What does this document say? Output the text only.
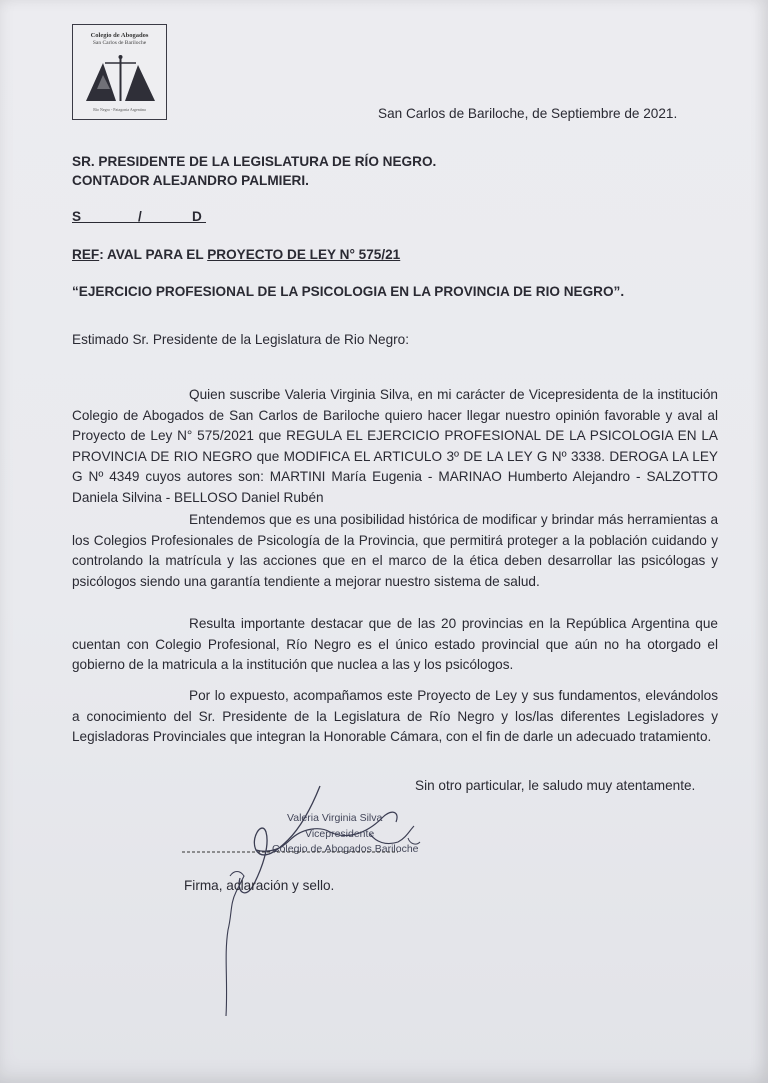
Colegio de Abogados
San Carlos de Bariloche
Río Negro - Patagonia Argentina	San Carlos de Bariloche, de Septiembre de 2021.
SR. PRESIDENTE DE LA LEGISLATURA DE RÍO NEGRO.
CONTADOR ALEJANDRO PALMIERI.
S	/	D
REF: AVAL PARA EL PROYECTO DE LEY N° 575/21
“EJERCICIO PROFESIONAL DE LA PSICOLOGIA EN LA PROVINCIA DE RIO NEGRO”.
Estimado Sr. Presidente de la Legislatura de Rio Negro:
Quien suscribe Valeria Virginia Silva, en mi carácter de Vicepresidenta de la institución Colegio de Abogados de San Carlos de Bariloche quiero hacer llegar nuestro opinión favorable y aval al Proyecto de Ley N° 575/2021 que REGULA EL EJERCICIO PROFESIONAL DE LA PSICOLOGIA EN LA PROVINCIA DE RIO NEGRO que MODIFICA EL ARTICULO 3º DE LA LEY G Nº 3338. DEROGA LA LEY G Nº 4349 cuyos autores son: MARTINI María Eugenia - MARINAO Humberto Alejandro - SALZOTTO Daniela Silvina - BELLOSO Daniel Rubén
Entendemos que es una posibilidad histórica de modificar y brindar más herramientas a los Colegios Profesionales de Psicología de la Provincia, que permitirá proteger a la población cuidando y controlando la matrícula y las acciones que en el marco de la ética deben desarrollar las psicólogas y psicólogos siendo una garantía tendiente a mejorar nuestro sistema de salud.
Resulta importante destacar que de las 20 provincias en la República Argentina que cuentan con Colegio Profesional, Río Negro es el único estado provincial que aún no ha otorgado el gobierno de la matricula a la institución que nuclea a las y los psicólogos.
Por lo expuesto, acompañamos este Proyecto de Ley y sus fundamentos, elevándolos a conocimiento del Sr. Presidente de la Legislatura de Río Negro y los/las diferentes Legisladores y Legisladoras Provinciales que integran la Honorable Cámara, con el fin de darle un adecuado tratamiento.
Sin otro particular, le saludo muy atentamente.
Valeria Virginia Silva
Vicepresidente
Colegio de Abogados Bariloche
Firma, aclaración y sello.
